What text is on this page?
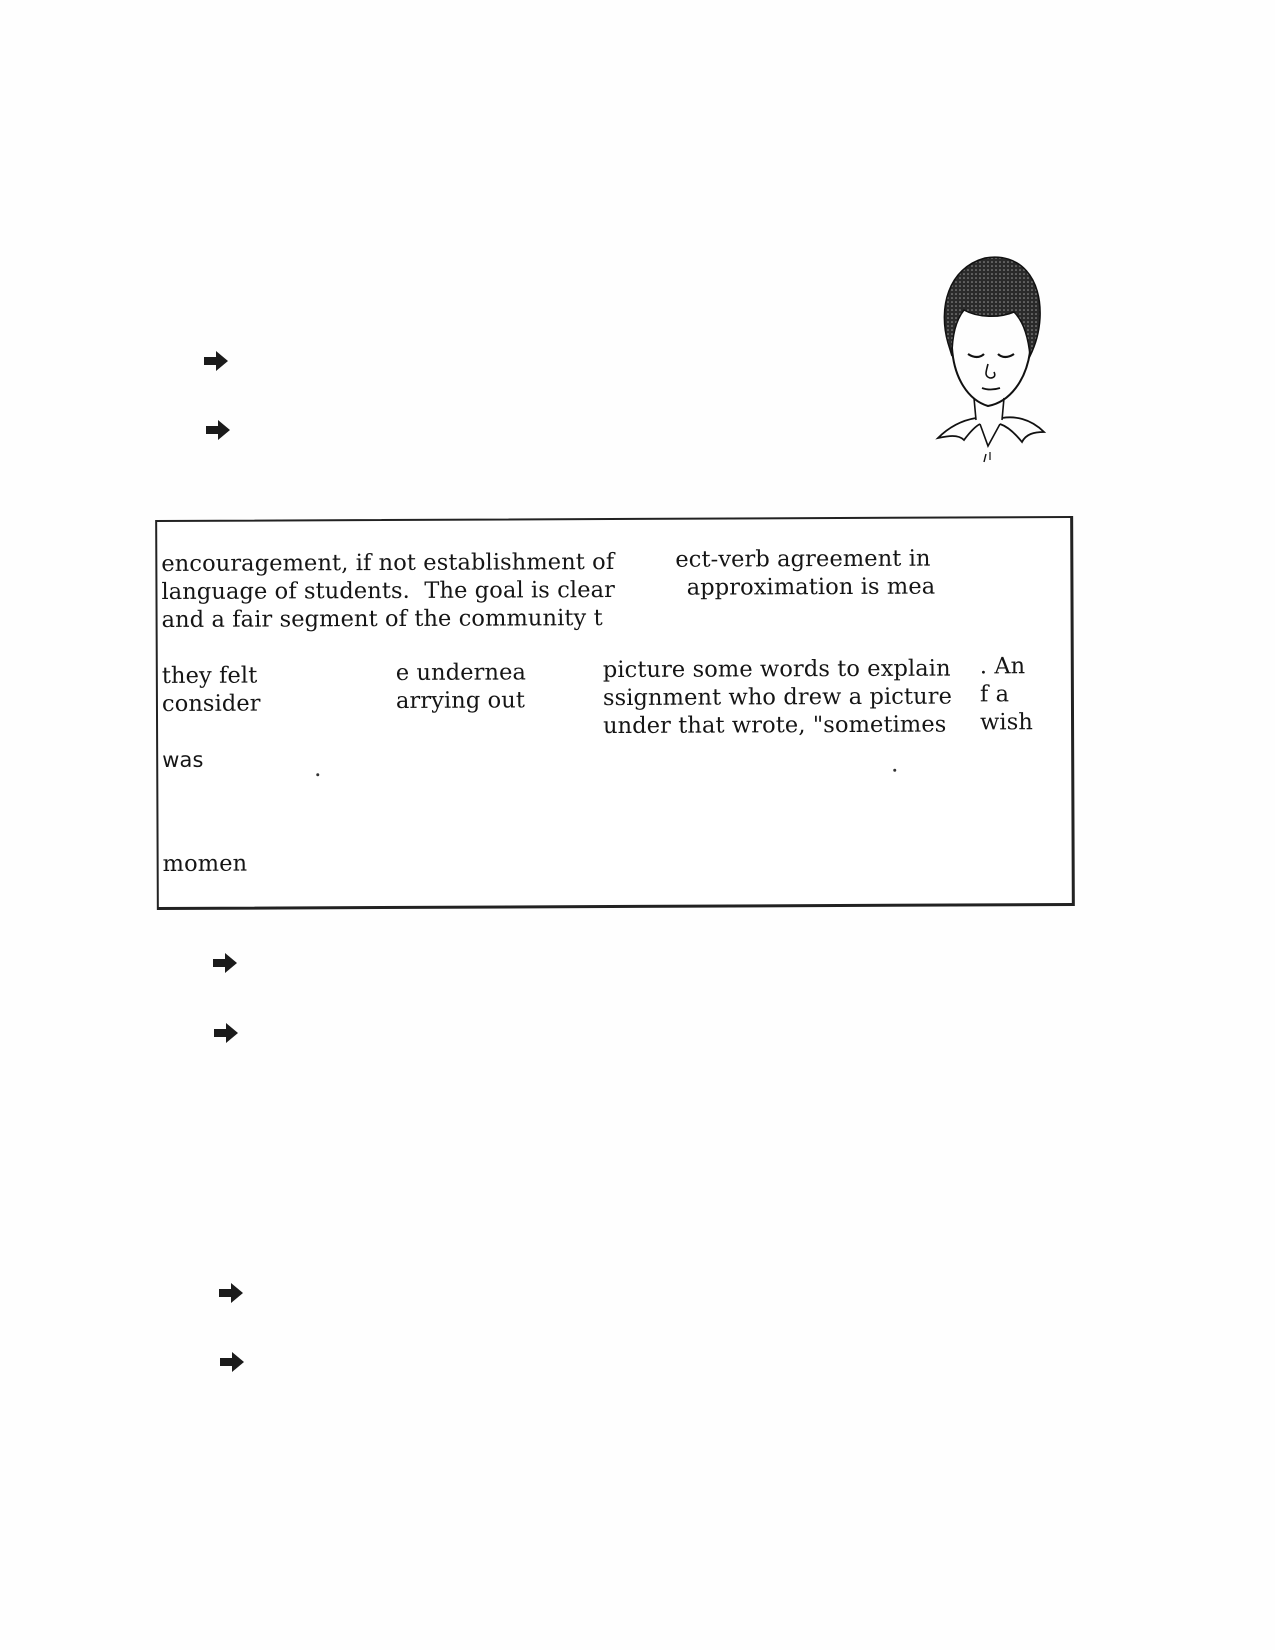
encouragement, if not establishment of
language of students.  The goal is clear
and a fair segment of the community t
ect-verb agreement in
approximation is mea
they felt
consider
e undernea
arrying out
picture some words to explain
ssignment who drew a picture
under that wrote, "sometimes
. An
f a
wish
was
momen
